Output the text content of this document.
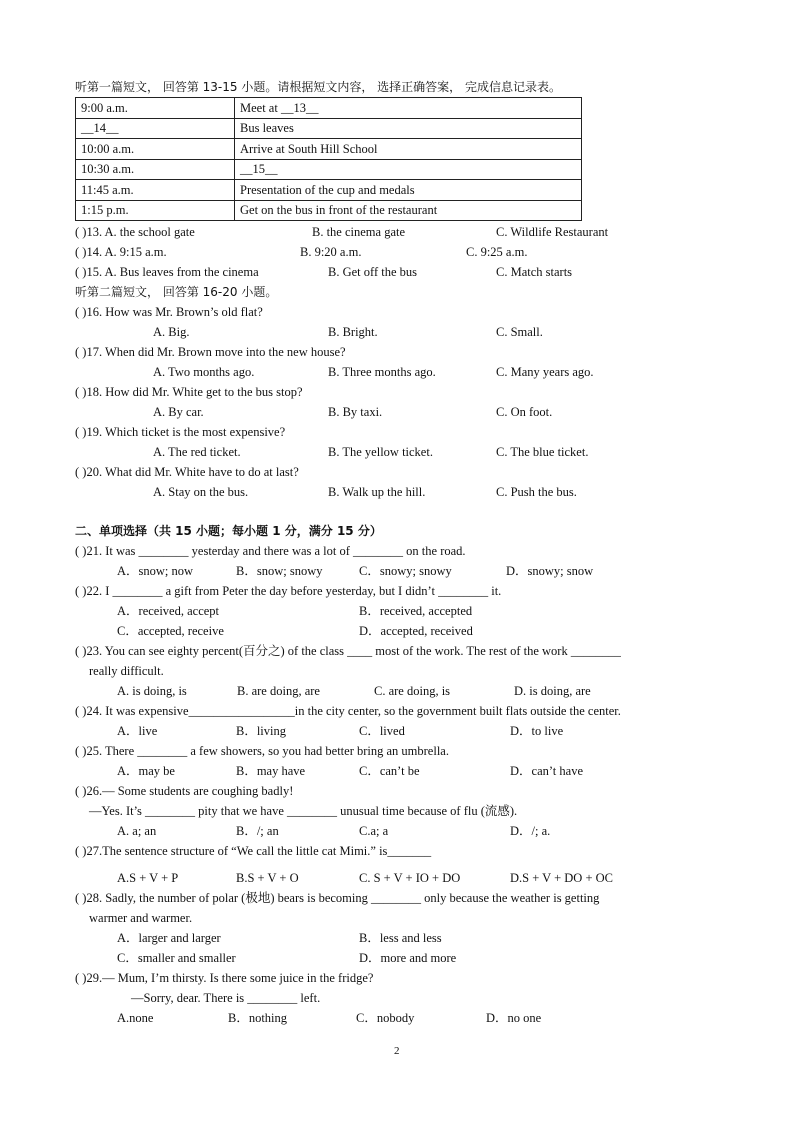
听第一篇短文， 回答第 13-15 小题。请根据短文内容， 选择正确答案， 完成信息记录表。
9:00 a.m.	Meet at __13__
__14__	Bus leaves
10:00 a.m.	Arrive at South Hill School
10:30 a.m.	__15__
11:45 a.m.	Presentation of the cup and medals
1:15 p.m.	Get on the bus in front of the restaurant
( )13. A. the school gate	B. the cinema gate	C. Wildlife Restaurant
( )14. A. 9:15 a.m.	B. 9:20 a.m.	C. 9:25 a.m.
( )15. A. Bus leaves from the cinema	B. Get off the bus	C. Match starts
听第二篇短文， 回答第 16-20 小题。
( )16. How was Mr. Brown’s old flat?
A. Big.	B. Bright.	C. Small.
( )17. When did Mr. Brown move into the new house?
A. Two months ago.	B. Three months ago.	C. Many years ago.
( )18. How did Mr. White get to the bus stop?
A. By car.	B. By taxi.	C. On foot.
( )19. Which ticket is the most expensive?
A. The red ticket.	B. The yellow ticket.	C. The blue ticket.
( )20. What did Mr. White have to do at last?
A. Stay on the bus.	B. Walk up the hill.	C. Push the bus.
二、单项选择（共 15 小题；每小题 1 分，满分 15 分）
( )21. It was ________ yesterday and there was a lot of ________ on the road.
A．snow; now	B．snow; snowy	C．snowy; snowy	D．snowy; snow
( )22. I ________ a gift from Peter the day before yesterday, but I didn’t ________ it.
A．received, accept	B．received, accepted
C．accepted, receive	D．accepted, received
( )23. You can see eighty percent(百分之) of the class ____ most of the work. The rest of the work ________
really difficult.
A. is doing, is	B. are doing, are	C. are doing, is	D. is doing, are
( )24. It was expensive_________________in the city center, so the government built flats outside the center.
A．live	B．living	C．lived	D．to live
( )25. There ________ a few showers, so you had better bring an umbrella.
A．may be	B．may have	C．can’t be	D．can’t have
( )26.— Some students are coughing badly!
—Yes. It’s ________ pity that we have ________ unusual time because of flu (流感).
A. a; an	B．/; an	C.a; a	D．/; a.
( )27.The sentence structure of “We call the little cat Mimi.” is_______
A.S + V + P	B.S + V + O	C. S + V + IO + DO	D.S + V + DO + OC
( )28. Sadly, the number of polar (极地) bears is becoming ________ only because the weather is getting
warmer and warmer.
A．larger and larger	B．less and less
C．smaller and smaller	D．more and more
( )29.— Mum, I’m thirsty. Is there some juice in the fridge?
—Sorry, dear. There is ________ left.
A.none	B．nothing	C．nobody	D．no one
2
